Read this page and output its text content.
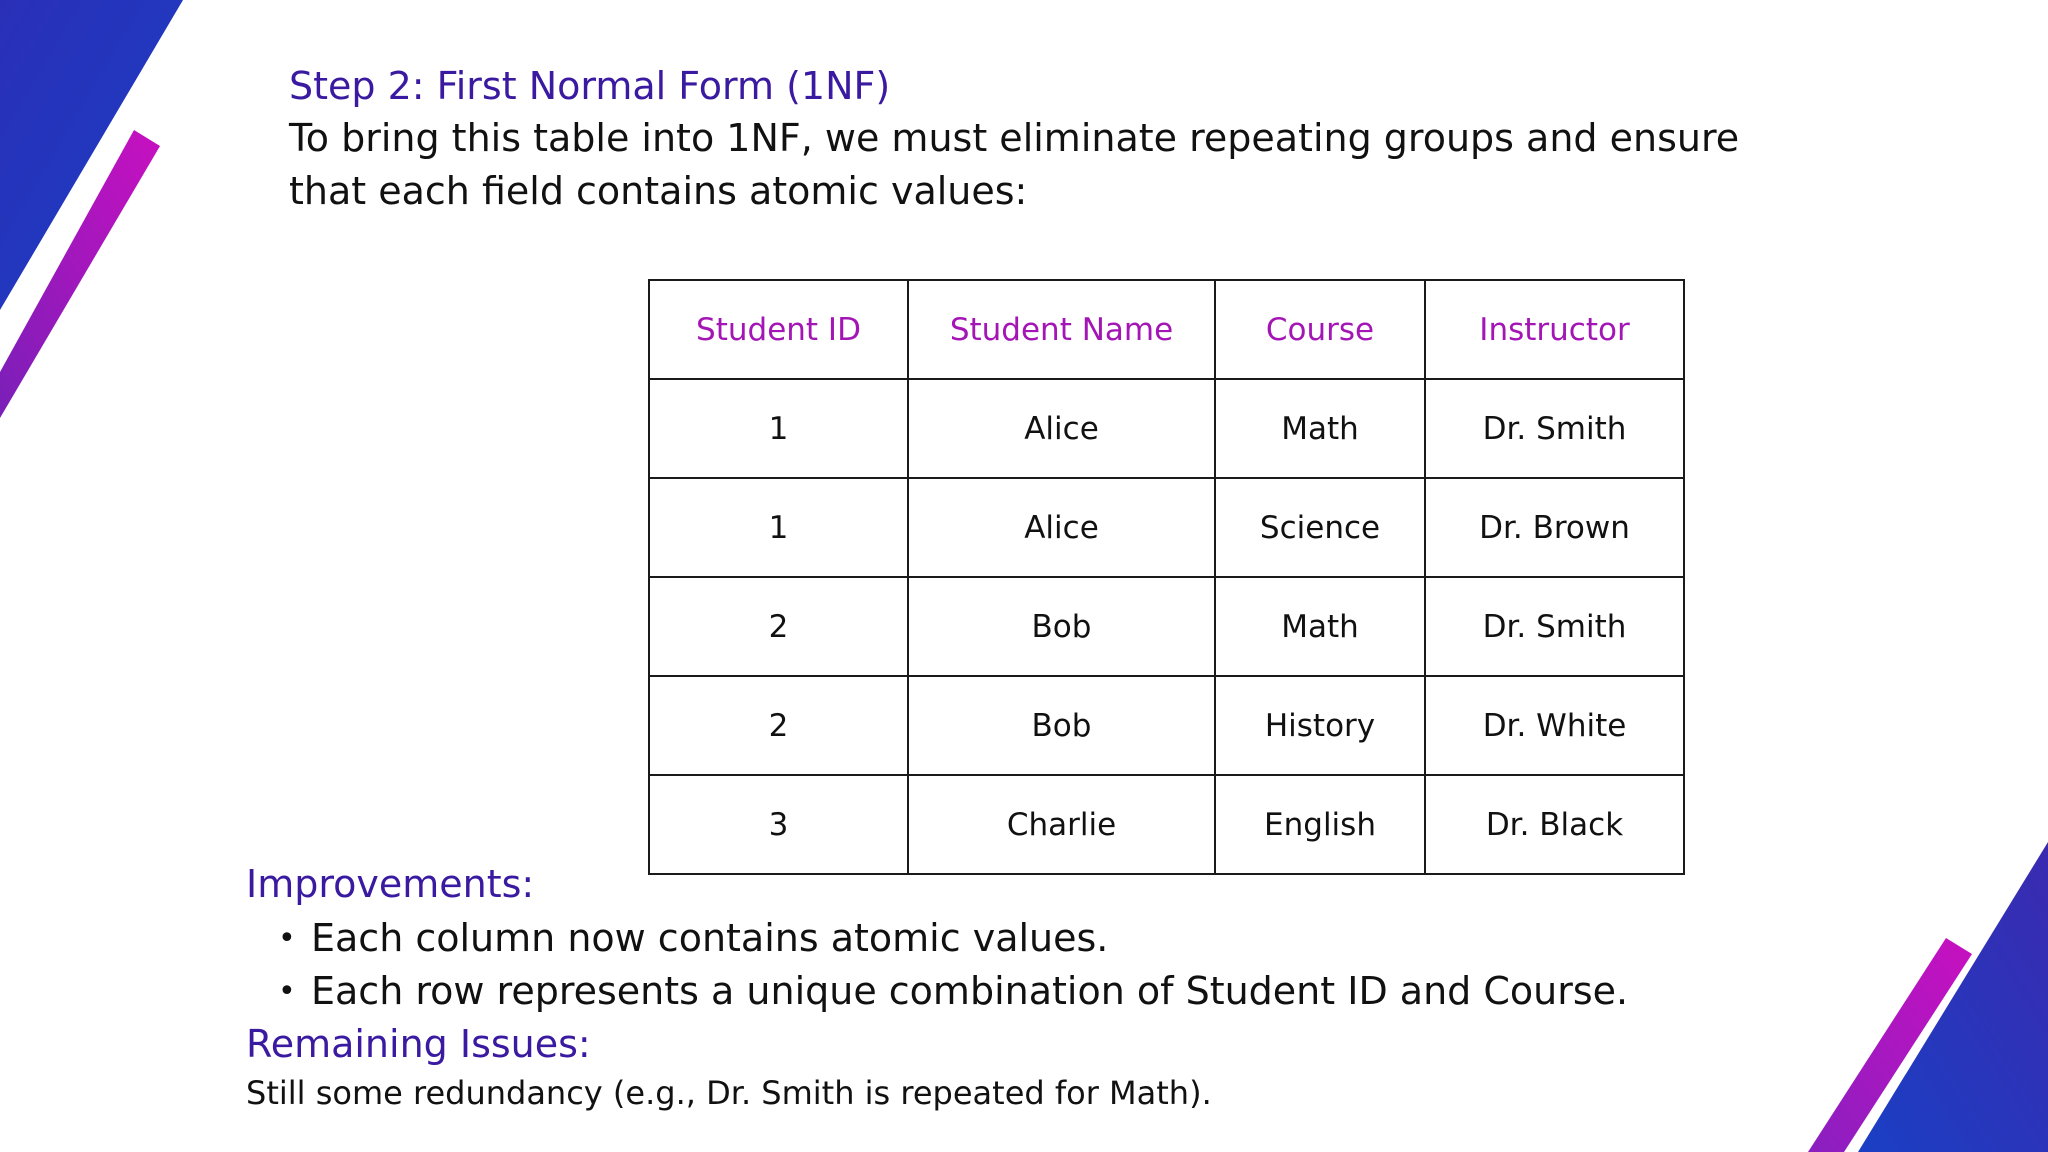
Step 2: First Normal Form (1NF)
To bring this table into 1NF, we must eliminate repeating groups and ensure that each field contains atomic values:
Student ID	Student Name	Course	Instructor
1	Alice	Math	Dr. Smith
1	Alice	Science	Dr. Brown
2	Bob	Math	Dr. Smith
2	Bob	History	Dr. White
3	Charlie	English	Dr. Black
Improvements:
• Each column now contains atomic values.
• Each row represents a unique combination of Student ID and Course.
Remaining Issues:
Still some redundancy (e.g., Dr. Smith is repeated for Math).
